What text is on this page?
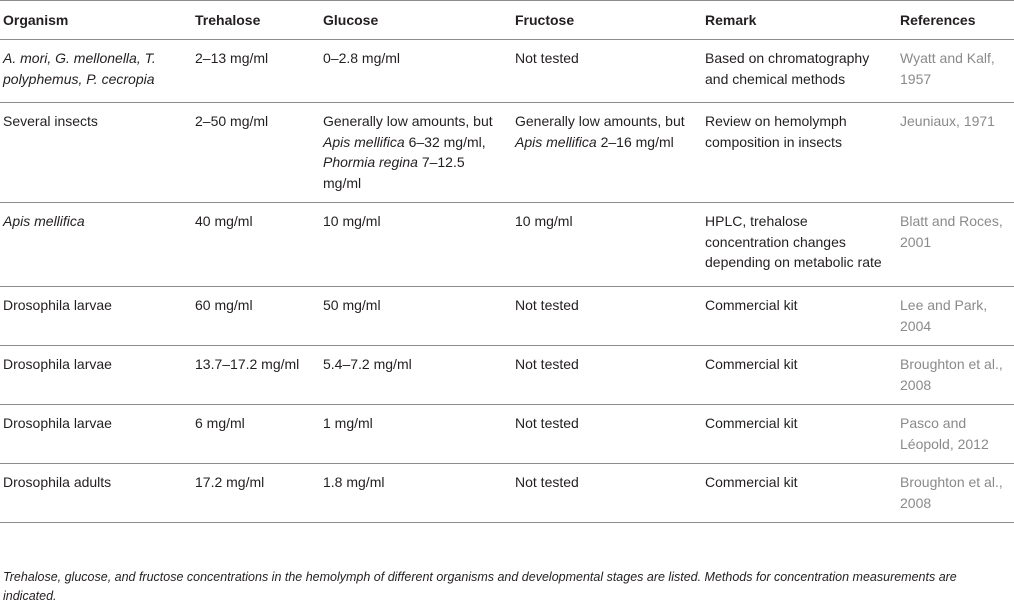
Organism	Trehalose	Glucose	Fructose	Remark	References
A. mori, G. mellonella, T. polyphemus, P. cecropia	2–13 mg/ml	0–2.8 mg/ml	Not tested	Based on chromatography and chemical methods	Wyatt and Kalf, 1957
Several insects	2–50 mg/ml	Generally low amounts, but Apis mellifica 6–32 mg/ml, Phormia regina 7–12.5 mg/ml	Generally low amounts, but Apis mellifica 2–16 mg/ml	Review on hemolymph composition in insects	Jeuniaux, 1971
Apis mellifica	40 mg/ml	10 mg/ml	10 mg/ml	HPLC, trehalose concentration changes depending on metabolic rate	Blatt and Roces, 2001
Drosophila larvae	60 mg/ml	50 mg/ml	Not tested	Commercial kit	Lee and Park, 2004
Drosophila larvae	13.7–17.2 mg/ml	5.4–7.2 mg/ml	Not tested	Commercial kit	Broughton et al., 2008
Drosophila larvae	6 mg/ml	1 mg/ml	Not tested	Commercial kit	Pasco and Léopold, 2012
Drosophila adults	17.2 mg/ml	1.8 mg/ml	Not tested	Commercial kit	Broughton et al., 2008
Trehalose, glucose, and fructose concentrations in the hemolymph of different organisms and developmental stages are listed. Methods for concentration measurements are indicated.
